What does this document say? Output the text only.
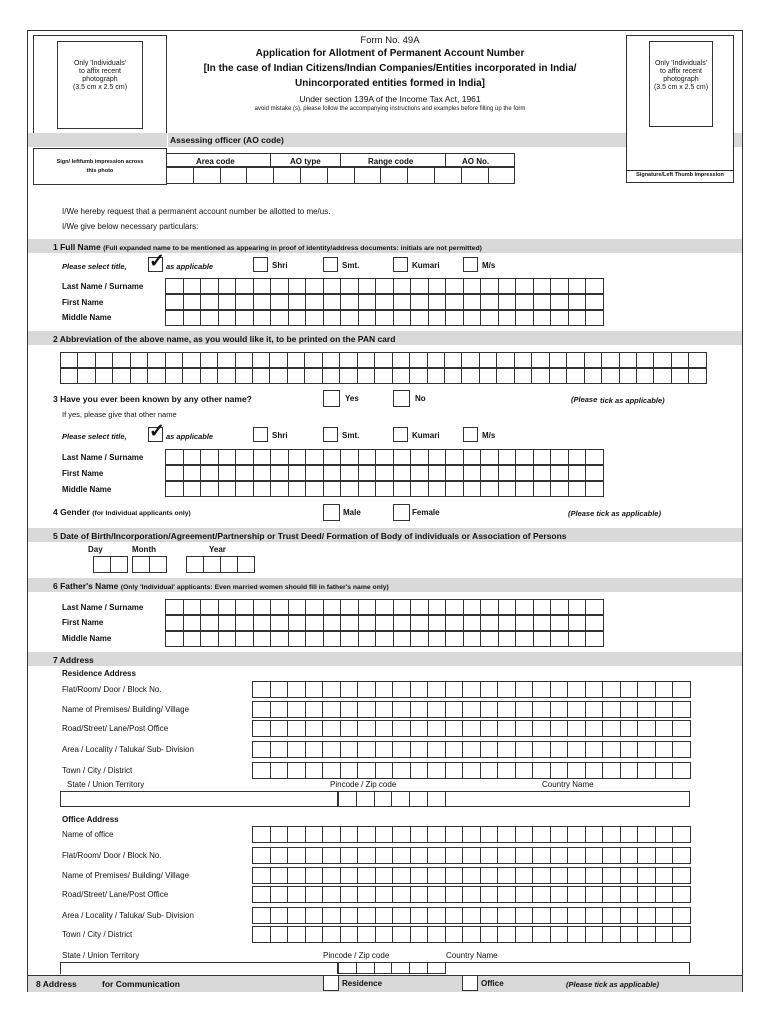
Only 'Individuals'
to affix recent
photograph
(3.5 cm x 2.5 cm)
Sign/ leftfumb impression across
this photo
Only 'Individuals'
to affix recent
photograph
(3.5 cm x 2.5 cm)
Signature/Left Thumb Impression
Form No. 49A
Application for Allotment of Permanent Account Number
[In the case of Indian Citizens/Indian Companies/Entities incorporated in India/
Unincorporated entities formed in India]
Under section 139A of the Income Tax Act, 1961
avoid mistake (s), please follow the accompanying instructions and examples before filling up the form
Assessing officer (AO code)
Area code	AO type	Range code	AO No.
I/We hereby request that a permanent account number be allotted to me/us.
I/We give below necessary particulars:
1 Full Name (Full expanded name to be mentioned as appearing in proof of identity/address documents: initials are not permitted)
Please select title, ✓ as applicable	Shri	Smt.	Kumari	M/s
Last Name / Surname
First Name
Middle Name
2 Abbreviation of the above name, as you would like it, to be printed on the PAN card
3 Have you ever been known by any other name?	Yes	No	(Please tick as applicable)
If yes, please give that other name
Please select title, ✓ as applicable	Shri	Smt.	Kumari	M/s
Last Name / Surname
First Name
Middle Name
4 Gender (for Individual applicants only)	Male	Female	(Please tick as applicable)
5 Date of Birth/Incorporation/Agreement/Partnership or Trust Deed/ Formation of Body of individuals or Association of Persons
Day	Month	Year
6 Father's Name (Only 'Individual' applicants: Even married women should fill in father's name only)
Last Name / Surname
First Name
Middle Name
7 Address
Residence Address
Flat/Room/ Door / Block No.
Name of Premises/ Building/ Village
Road/Street/ Lane/Post Office
Area / Locality / Taluka/ Sub- Division
Town / City / District
State / Union Territory	Pincode / Zip code	Country Name
Office Address
Name of office
Flat/Room/ Door / Block No.
Name of Premises/ Building/ Village
Road/Street/ Lane/Post Office
Area / Locality / Taluka/ Sub- Division
Town / City / District
State / Union Territory	Pincode / Zip code	Country Name
8 Address	for Communication	Residence	Office	(Please tick as applicable)
